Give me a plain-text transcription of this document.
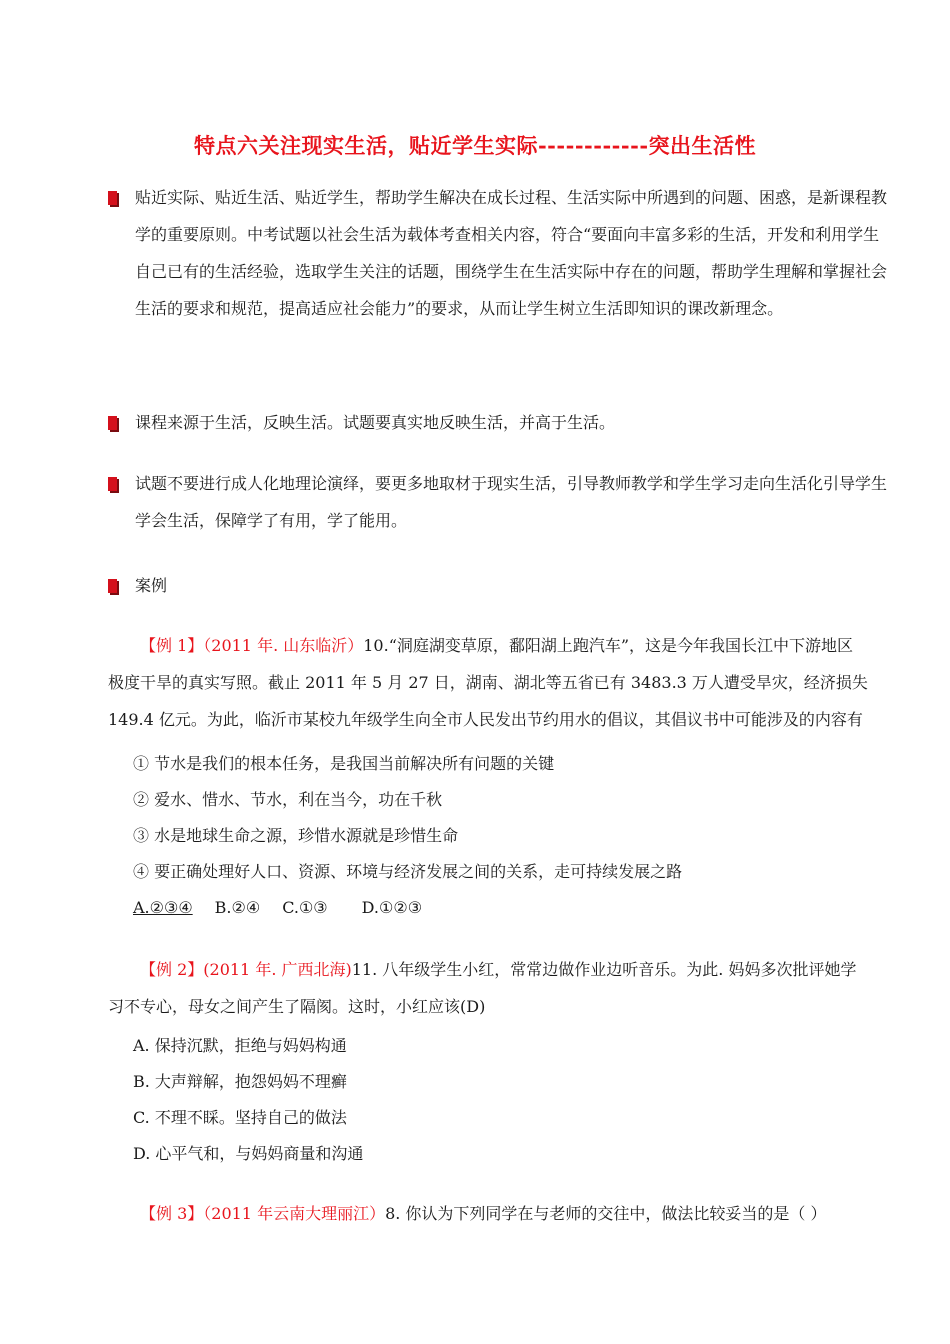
特点六关注现实生活，贴近学生实际------------突出生活性
贴近实际、贴近生活、贴近学生，帮助学生解决在成长过程、生活实际中所遇到的问题、困惑，是新课程教学的重要原则。中考试题以社会生活为载体考查相关内容，符合“要面向丰富多彩的生活，开发和利用学生自己已有的生活经验，选取学生关注的话题，围绕学生在生活实际中存在的问题，帮助学生理解和掌握社会生活的要求和规范，提高适应社会能力”的要求，从而让学生树立生活即知识的课改新理念。
课程来源于生活，反映生活。试题要真实地反映生活，并高于生活。
试题不要进行成人化地理论演绎，要更多地取材于现实生活，引导教师教学和学生学习走向生活化引导学生学会生活，保障学了有用，学了能用。
案例
【例 1】（2011 年. 山东临沂）10.“洞庭湖变草原，鄱阳湖上跑汽车”，这是今年我国长江中下游地区极度干旱的真实写照。截止 2011 年 5 月 27 日，湖南、湖北等五省已有 3483.3 万人遭受旱灾，经济损失 149.4 亿元。为此，临沂市某校九年级学生向全市人民发出节约用水的倡议，其倡议书中可能涉及的内容有
① 节水是我们的根本任务，是我国当前解决所有问题的关键
② 爱水、惜水、节水，利在当今，功在千秋
③ 水是地球生命之源，珍惜水源就是珍惜生命
④ 要正确处理好人口、资源、环境与经济发展之间的关系，走可持续发展之路
A.②③④ B.②④ C.①③ D.①②③
【例 2】(2011 年. 广西北海)11. 八年级学生小红，常常边做作业边听音乐。为此. 妈妈多次批评她学习不专心，母女之间产生了隔阂。这时，小红应该(D)
A. 保持沉默，拒绝与妈妈构通
B. 大声辩解，抱怨妈妈不理癣
C. 不理不睬。坚持自己的做法
D. 心平气和，与妈妈商量和沟通
【例 3】（2011 年云南大理丽江）8. 你认为下列同学在与老师的交往中，做法比较妥当的是（ ）
